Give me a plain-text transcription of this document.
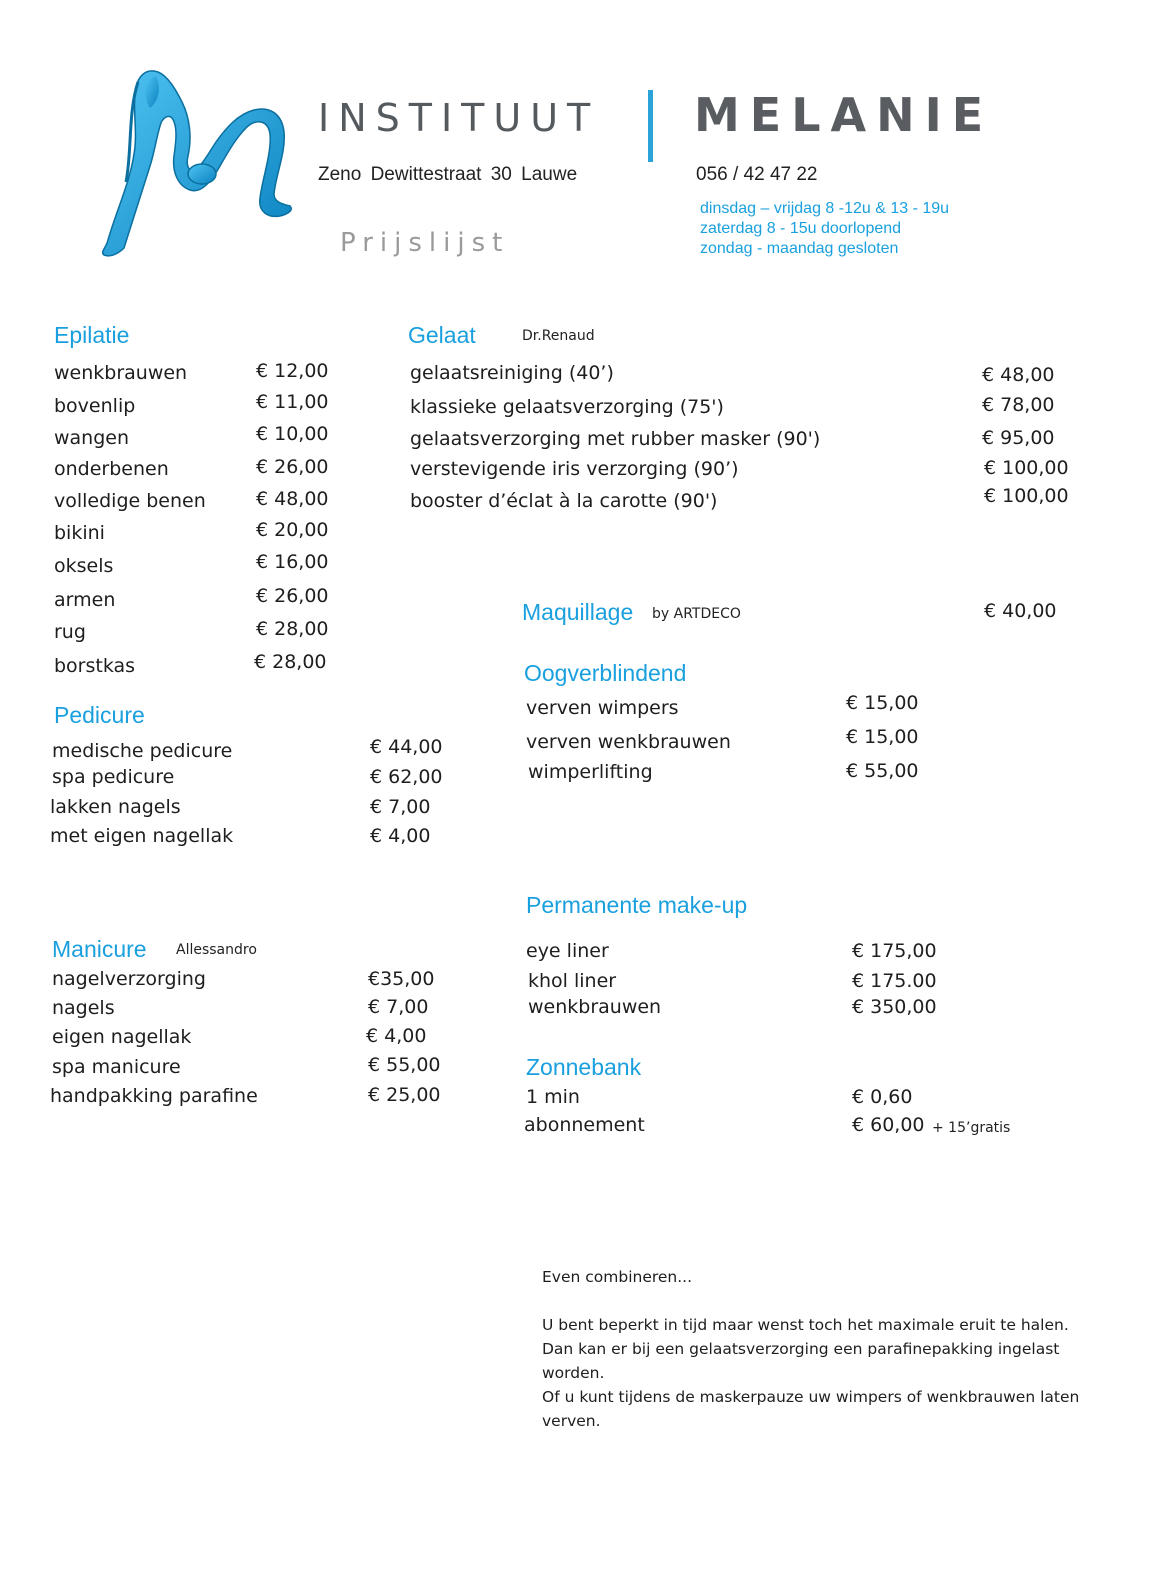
INSTITUUT MELANIE
Zeno Dewittestraat 30 Lauwe	056 / 42 47 22
dinsdag – vrijdag 8 -12u & 13 - 19u
zaterdag 8 - 15u doorlopend
zondag - maandag gesloten
Prijslijst
Epilatie
wenkbrauwen	€ 12,00
bovenlip	€ 11,00
wangen	€ 10,00
onderbenen	€ 26,00
volledige benen	€ 48,00
bikini	€ 20,00
oksels	€ 16,00
armen	€ 26,00
rug	€ 28,00
borstkas	€ 28,00
Gelaat	Dr.Renaud
gelaatsreiniging (40’)	€ 48,00
klassieke gelaatsverzorging (75')	€ 78,00
gelaatsverzorging met rubber masker (90')	€ 95,00
verstevigende iris verzorging (90’)	€ 100,00
booster d’éclat à la carotte (90')	€ 100,00
Maquillage by ARTDECO	€ 40,00
Oogverblindend
verven wimpers	€ 15,00
verven wenkbrauwen	€ 15,00
wimperlifting	€ 55,00
Pedicure
medische pedicure	€ 44,00
spa pedicure	€ 62,00
lakken nagels	€ 7,00
met eigen nagellak	€ 4,00
Permanente make-up
eye liner	€ 175,00
khol liner	€ 175.00
wenkbrauwen	€ 350,00
Manicure Allessandro
nagelverzorging	€35,00
nagels	€ 7,00
eigen nagellak	€ 4,00
spa manicure	€ 55,00
handpakking parafine	€ 25,00
Zonnebank
1 min	€ 0,60
abonnement	€ 60,00 + 15’gratis
Even combineren...
U bent beperkt in tijd maar wenst toch het maximale eruit te halen.
Dan kan er bij een gelaatsverzorging een parafinepakking ingelast
worden.
Of u kunt tijdens de maskerpauze uw wimpers of wenkbrauwen laten
verven.
